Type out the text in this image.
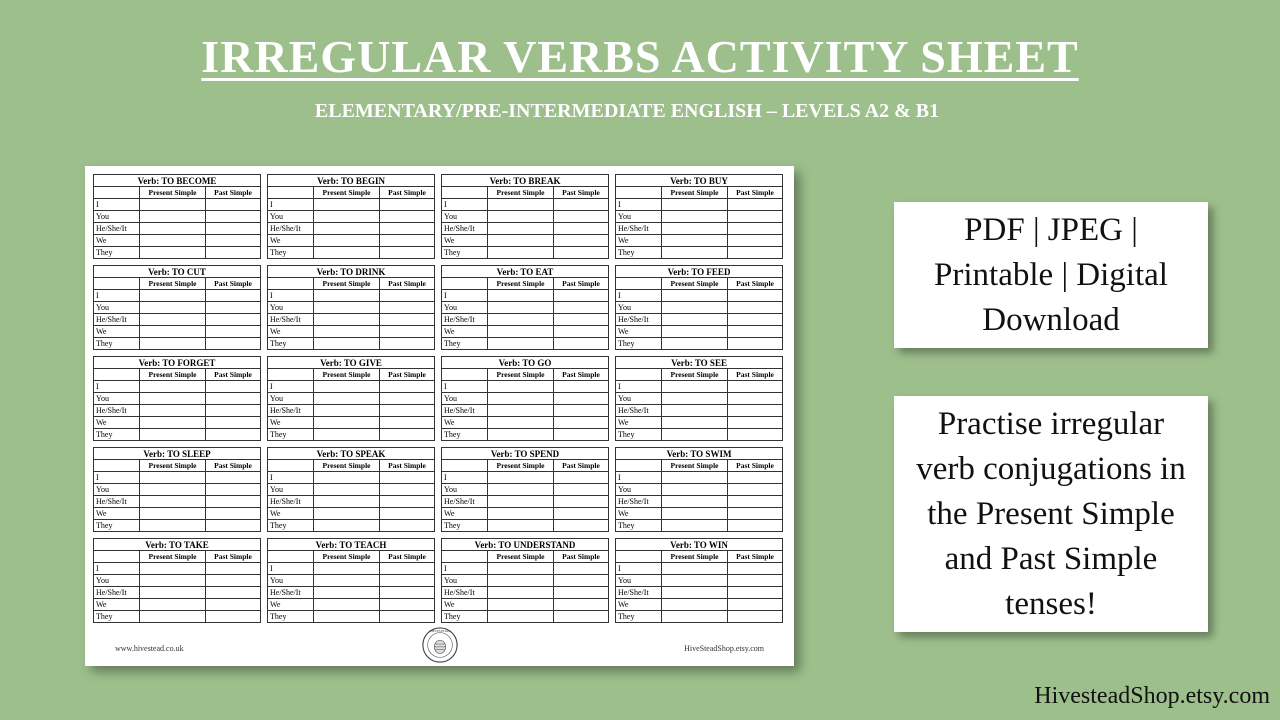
IRREGULAR VERBS ACTIVITY SHEET
ELEMENTARY/PRE-INTERMEDIATE ENGLISH – LEVELS A2 & B1
Verb: TO BECOME		
	Present Simple	Past Simple
I		
You		
He/She/It		
We		
They		
Verb: TO BEGIN		
	Present Simple	Past Simple
I		
You		
He/She/It		
We		
They		
Verb: TO BREAK		
	Present Simple	Past Simple
I		
You		
He/She/It		
We		
They		
Verb: TO BUY		
	Present Simple	Past Simple
I		
You		
He/She/It		
We		
They		
Verb: TO CUT		
	Present Simple	Past Simple
I		
You		
He/She/It		
We		
They		
Verb: TO DRINK		
	Present Simple	Past Simple
I		
You		
He/She/It		
We		
They		
Verb: TO EAT		
	Present Simple	Past Simple
I		
You		
He/She/It		
We		
They		
Verb: TO FEED		
	Present Simple	Past Simple
I		
You		
He/She/It		
We		
They		
Verb: TO FORGET		
	Present Simple	Past Simple
I		
You		
He/She/It		
We		
They		
Verb: TO GIVE		
	Present Simple	Past Simple
I		
You		
He/She/It		
We		
They		
Verb: TO GO		
	Present Simple	Past Simple
I		
You		
He/She/It		
We		
They		
Verb: TO SEE		
	Present Simple	Past Simple
I		
You		
He/She/It		
We		
They		
Verb: TO SLEEP		
	Present Simple	Past Simple
I		
You		
He/She/It		
We		
They		
Verb: TO SPEAK		
	Present Simple	Past Simple
I		
You		
He/She/It		
We		
They		
Verb: TO SPEND		
	Present Simple	Past Simple
I		
You		
He/She/It		
We		
They		
Verb: TO SWIM		
	Present Simple	Past Simple
I		
You		
He/She/It		
We		
They		
Verb: TO TAKE		
	Present Simple	Past Simple
I		
You		
He/She/It		
We		
They		
Verb: TO TEACH		
	Present Simple	Past Simple
I		
You		
He/She/It		
We		
They		
Verb: TO UNDERSTAND		
	Present Simple	Past Simple
I		
You		
He/She/It		
We		
They		
Verb: TO WIN		
	Present Simple	Past Simple
I		
You		
He/She/It		
We		
They		
www.hivestead.co.uk
HIVESTEAD
HiveSteadShop.etsy.com
PDF | JPEG | Printable | Digital Download
Practise irregular verb conjugations in the Present Simple and Past Simple tenses!
HivesteadShop.etsy.com
